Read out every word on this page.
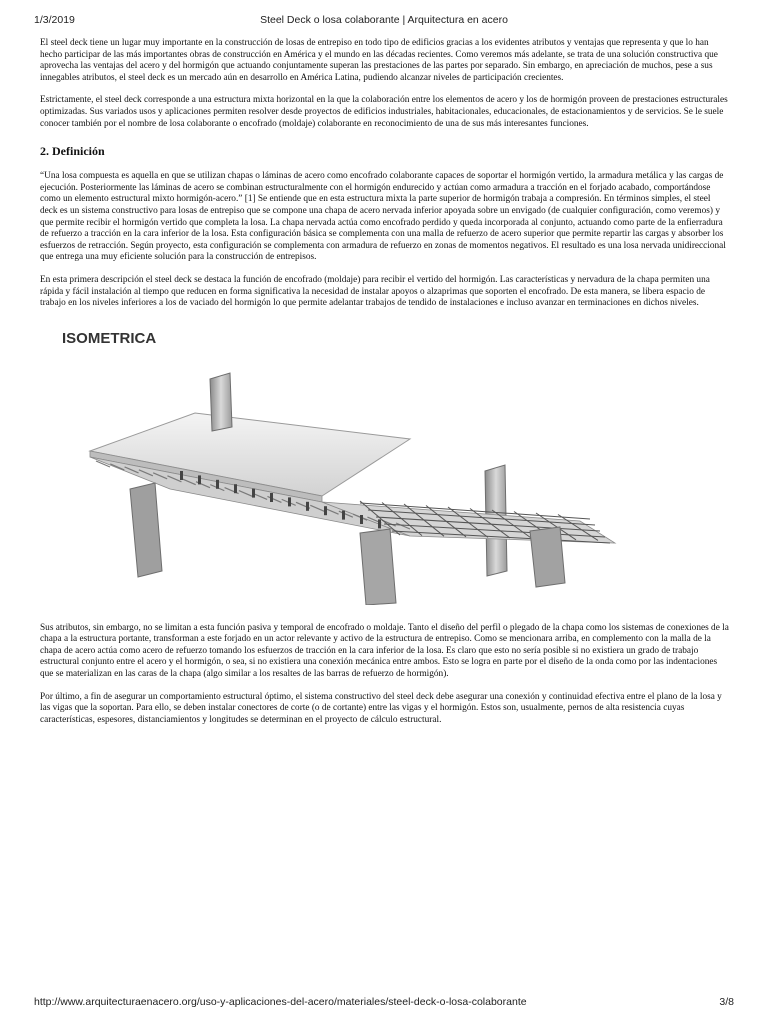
1/3/2019	Steel Deck o losa colaborante | Arquitectura en acero

El steel deck tiene un lugar muy importante en la construcción de losas de entrepiso en todo tipo de edificios gracias a los evidentes atributos y ventajas que representa y que lo han hecho participar de las más importantes obras de construcción en América y el mundo en las décadas recientes. Como veremos más adelante, se trata de una solución constructiva que aprovecha las ventajas del acero y del hormigón que actuando conjuntamente superan las prestaciones de las partes por separado. Sin embargo, en apreciación de muchos, pese a sus innegables atributos, el steel deck es un mercado aún en desarrollo en América Latina, pudiendo alcanzar niveles de participación crecientes.

Estrictamente, el steel deck corresponde a una estructura mixta horizontal en la que la colaboración entre los elementos de acero y los de hormigón proveen de prestaciones estructurales optimizadas. Sus variados usos y aplicaciones permiten resolver desde proyectos de edificios industriales, habitacionales, educacionales, de estacionamientos y de servicios. Se le suele conocer también por el nombre de losa colaborante o encofrado (moldaje) colaborante en reconocimiento de una de sus más interesantes funciones.

2. Definición

“Una losa compuesta es aquella en que se utilizan chapas o láminas de acero como encofrado colaborante capaces de soportar el hormigón vertido, la armadura metálica y las cargas de ejecución. Posteriormente las láminas de acero se combinan estructuralmente con el hormigón endurecido y actúan como armadura a tracción en el forjado acabado, comportándose como un elemento estructural mixto hormigón-acero.” [1] Se entiende que en esta estructura mixta la parte superior de hormigón trabaja a compresión. En términos simples, el steel deck es un sistema constructivo para losas de entrepiso que se compone una chapa de acero nervada inferior apoyada sobre un envigado (de cualquier configuración, como veremos) y que permite recibir el hormigón vertido que completa la losa. La chapa nervada actúa como encofrado perdido y queda incorporada al conjunto, actuando como parte de la enfierradura de refuerzo a tracción en la cara inferior de la losa. Esta configuración básica se complementa con una malla de refuerzo de acero superior que permite repartir las cargas y absorber los esfuerzos de retracción. Según proyecto, esta configuración se complementa con armadura de refuerzo en zonas de momentos negativos. El resultado es una losa nervada unidireccional que entrega una muy eficiente solución para la construcción de entrepisos.

En esta primera descripción el steel deck se destaca la función de encofrado (moldaje) para recibir el vertido del hormigón. Las características y nervadura de la chapa permiten una rápida y fácil instalación al tiempo que reducen en forma significativa la necesidad de instalar apoyos o alzaprimas que soporten el encofrado. De esta manera, se libera espacio de trabajo en los niveles inferiores a los de vaciado del hormigón lo que permite adelantar trabajos de tendido de instalaciones e incluso avanzar en terminaciones en dichos niveles.

ISOMETRICA

Sus atributos, sin embargo, no se limitan a esta función pasiva y temporal de encofrado o moldaje. Tanto el diseño del perfil o plegado de la chapa como los sistemas de conexiones de la chapa a la estructura portante, transforman a este forjado en un actor relevante y activo de la estructura de entrepiso. Como se mencionara arriba, en complemento con la malla de la chapa de acero actúa como acero de refuerzo tomando los esfuerzos de tracción en la cara inferior de la losa. Es claro que esto no sería posible si no existiera un grado de trabajo estructural conjunto entre el acero y el hormigón, o sea, si no existiera una conexión mecánica entre ambos. Esto se logra en parte por el diseño de la onda como por las indentaciones que se materializan en las caras de la chapa (algo similar a los resaltes de las barras de refuerzo de hormigón).

Por último, a fin de asegurar un comportamiento estructural óptimo, el sistema constructivo del steel deck debe asegurar una conexión y continuidad efectiva entre el plano de la losa y las vigas que la soportan. Para ello, se deben instalar conectores de corte (o de cortante) entre las vigas y el hormigón. Estos son, usualmente, pernos de alta resistencia cuyas características, espesores, distanciamientos y longitudes se determinan en el proyecto de cálculo estructural.

http://www.arquitecturaenacero.org/uso-y-aplicaciones-del-acero/materiales/steel-deck-o-losa-colaborante	3/8
